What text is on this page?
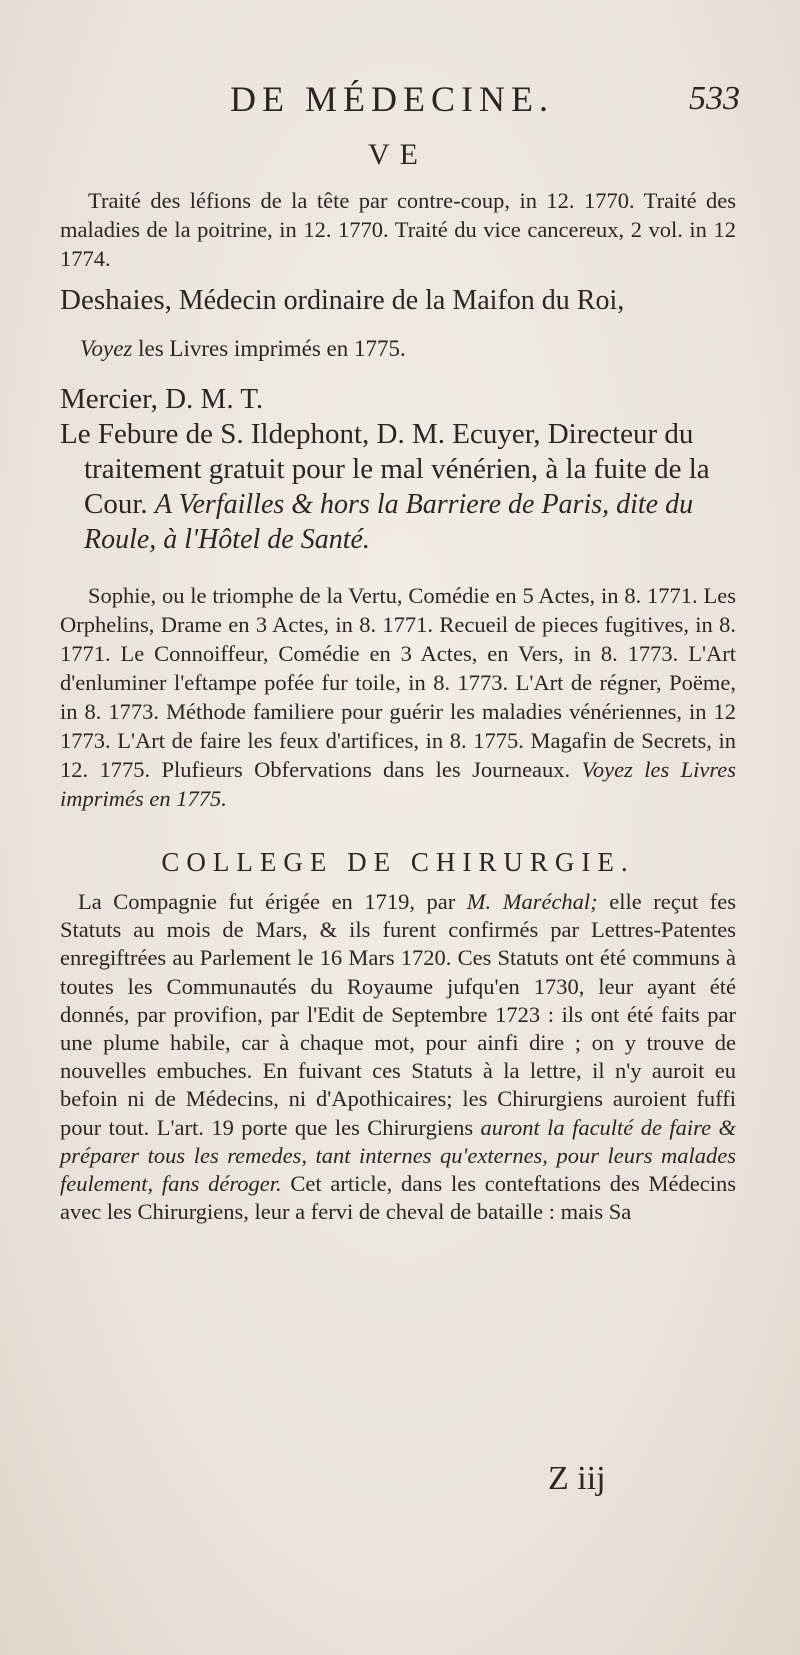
DE MÉDECINE.	533
VE

Traité des léfions de la tête par contre-coup, in 12. 1770. Traité des maladies de la poitrine, in 12. 1770. Traité du vice cancereux, 2 vol. in 12 1774.

Deshaies, Médecin ordinaire de la Maifon du Roi,

Voyez les Livres imprimés en 1775.

Mercier, D. M. T.

Le Febure de S. Ildephont, D. M. Ecuyer, Directeur du traitement gratuit pour le mal vénérien, à la fuite de la Cour. A Verfailles & hors la Barriere de Paris, dite du Roule, à l'Hôtel de Santé.

Sophie, ou le triomphe de la Vertu, Comédie en 5 Actes, in 8. 1771. Les Orphelins, Drame en 3 Actes, in 8. 1771. Recueil de pieces fugitives, in 8. 1771. Le Connoiffeur, Comédie en 3 Actes, en Vers, in 8. 1773. L'Art d'enluminer l'eftampe pofée fur toile, in 8. 1773. L'Art de régner, Poëme, in 8. 1773. Méthode familiere pour guérir les maladies vénériennes, in 12 1773. L'Art de faire les feux d'artifices, in 8. 1775. Magafin de Secrets, in 12. 1775. Plufieurs Obfervations dans les Journeaux. Voyez les Livres imprimés en 1775.

COLLEGE DE CHIRURGIE.

La Compagnie fut érigée en 1719, par M. Maréchal; elle reçut fes Statuts au mois de Mars, & ils furent confirmés par Lettres-Patentes enregiftrées au Parlement le 16 Mars 1720. Ces Statuts ont été communs à toutes les Communautés du Royaume jufqu'en 1730, leur ayant été donnés, par provifion, par l'Edit de Septembre 1723 : ils ont été faits par une plume habile, car à chaque mot, pour ainfi dire ; on y trouve de nouvelles embuches. En fuivant ces Statuts à la lettre, il n'y auroit eu befoin ni de Médecins, ni d'Apothicaires; les Chirurgiens auroient fuffi pour tout. L'art. 19 porte que les Chirurgiens auront la faculté de faire & préparer tous les remedes, tant internes qu'externes, pour leurs malades feulement, fans déroger. Cet article, dans les conteftations des Médecins avec les Chirurgiens, leur a fervi de cheval de bataille : mais Sa

Z iij
